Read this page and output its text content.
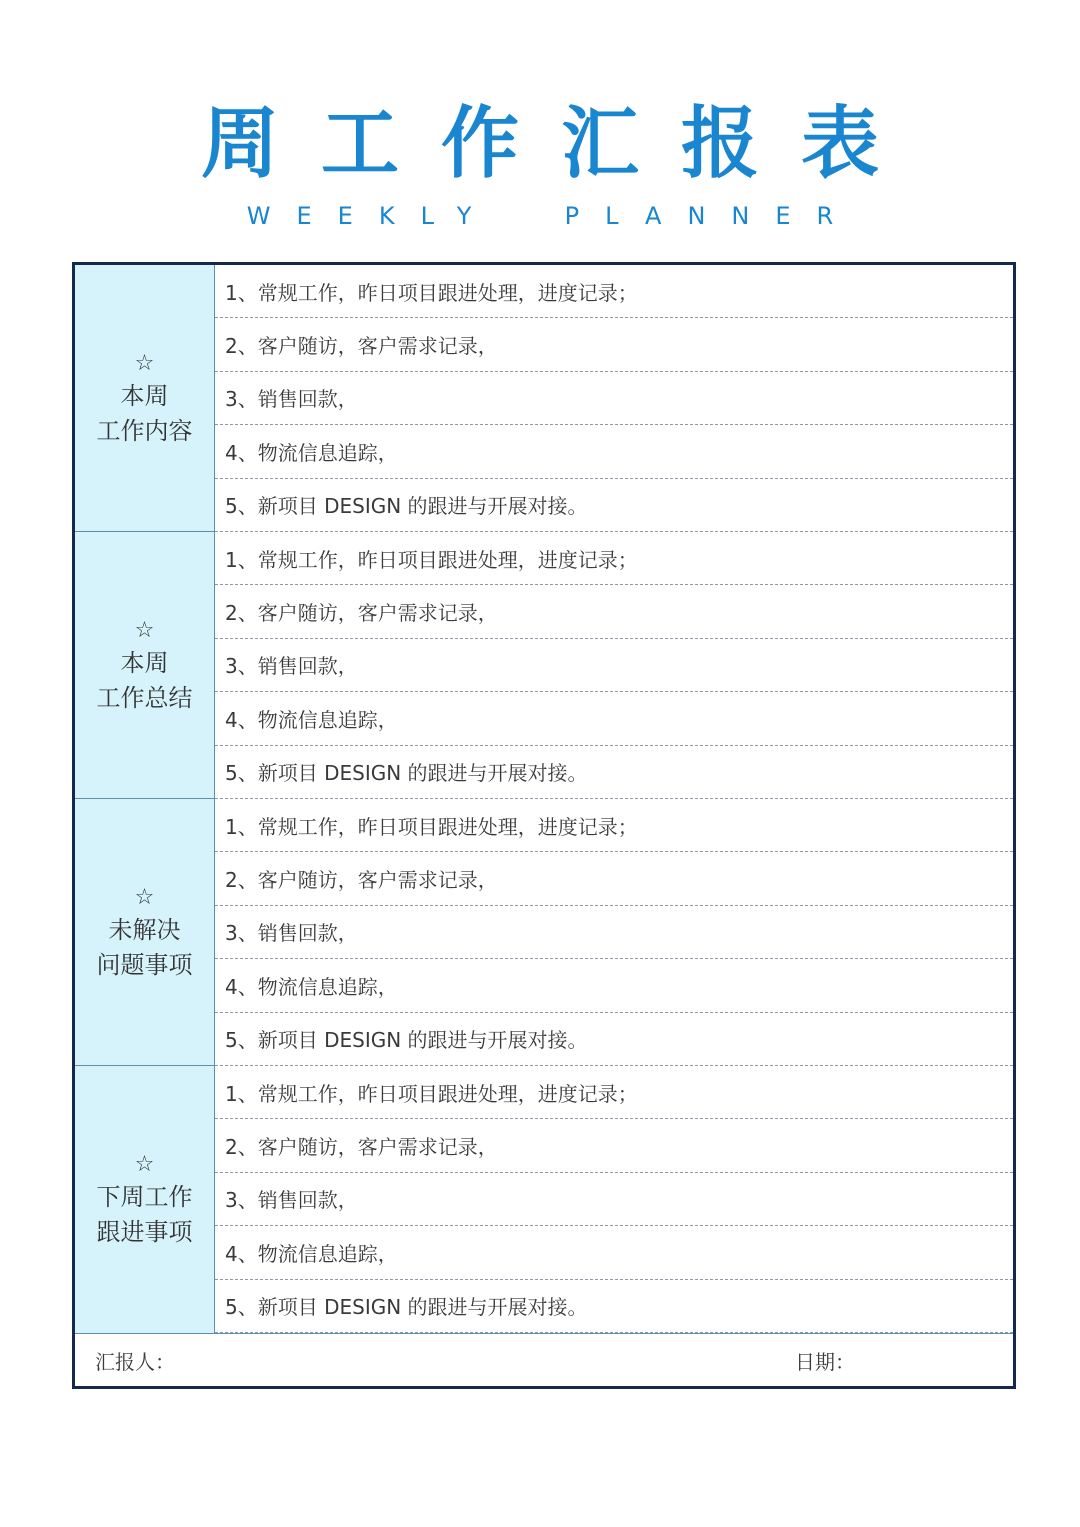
周工作汇报表
WEEKLY  PLANNER
☆
本周
工作内容
1、常规工作，昨日项目跟进处理，进度记录；
2、客户随访，客户需求记录，
3、销售回款，
4、物流信息追踪，
5、新项目 DESIGN 的跟进与开展对接。
☆
本周
工作总结
1、常规工作，昨日项目跟进处理，进度记录；
2、客户随访，客户需求记录，
3、销售回款，
4、物流信息追踪，
5、新项目 DESIGN 的跟进与开展对接。
☆
未解决
问题事项
1、常规工作，昨日项目跟进处理，进度记录；
2、客户随访，客户需求记录，
3、销售回款，
4、物流信息追踪，
5、新项目 DESIGN 的跟进与开展对接。
☆
下周工作
跟进事项
1、常规工作，昨日项目跟进处理，进度记录；
2、客户随访，客户需求记录，
3、销售回款，
4、物流信息追踪，
5、新项目 DESIGN 的跟进与开展对接。
汇报人：	日期：
